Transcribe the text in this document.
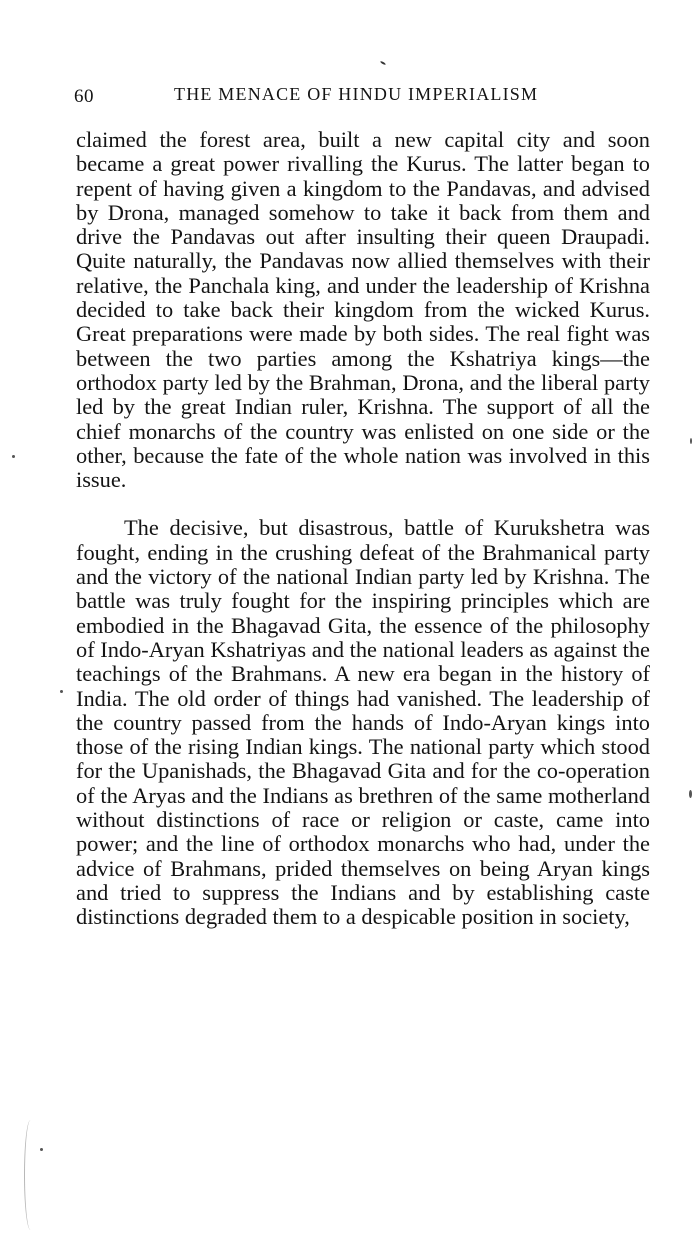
60	THE MENACE OF HINDU IMPERIALISM

claimed the forest area, built a new capital city and soon became a great power rivalling the Kurus. The latter began to repent of having given a kingdom to the Pandavas, and advised by Drona, managed somehow to take it back from them and drive the Pandavas out after insulting their queen Draupadi. Quite naturally, the Pandavas now allied themselves with their relative, the Panchala king, and under the leadership of Krishna decided to take back their kingdom from the wicked Kurus. Great preparations were made by both sides. The real fight was between the two parties among the Kshatriya kings—the orthodox party led by the Brahman, Drona, and the liberal party led by the great Indian ruler, Krishna. The support of all the chief monarchs of the country was enlisted on one side or the other, because the fate of the whole nation was involved in this issue.

The decisive, but disastrous, battle of Kurukshetra was fought, ending in the crushing defeat of the Brahmanical party and the victory of the national Indian party led by Krishna. The battle was truly fought for the inspiring principles which are embodied in the Bhagavad Gita, the essence of the philosophy of Indo-Aryan Kshatriyas and the national leaders as against the teachings of the Brahmans. A new era began in the history of India. The old order of things had vanished. The leadership of the country passed from the hands of Indo-Aryan kings into those of the rising Indian kings. The national party which stood for the Upanishads, the Bhagavad Gita and for the co-operation of the Aryas and the Indians as brethren of the same motherland without distinctions of race or religion or caste, came into power; and the line of orthodox monarchs who had, under the advice of Brahmans, prided themselves on being Aryan kings and tried to suppress the Indians and by establishing caste distinctions degraded them to a despicable position in society,
